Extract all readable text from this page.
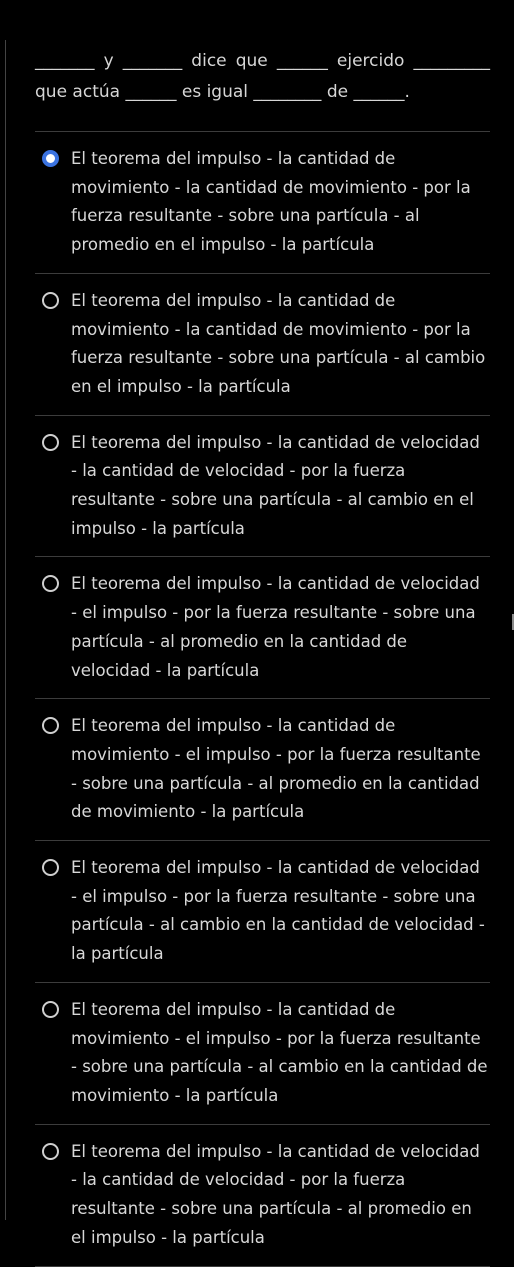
_______ y _______ dice que ______ ejercido _________ que actúa ______ es igual ________ de ______.

El teorema del impulso - la cantidad de movimiento - la cantidad de movimiento - por la fuerza resultante - sobre una partícula - al promedio en el impulso - la partícula
El teorema del impulso - la cantidad de movimiento - la cantidad de movimiento - por la fuerza resultante - sobre una partícula - al cambio en el impulso - la partícula
El teorema del impulso - la cantidad de velocidad - la cantidad de velocidad - por la fuerza resultante - sobre una partícula - al cambio en el impulso - la partícula
El teorema del impulso - la cantidad de velocidad - el impulso - por la fuerza resultante - sobre una partícula - al promedio en la cantidad de velocidad - la partícula
El teorema del impulso - la cantidad de movimiento - el impulso - por la fuerza resultante - sobre una partícula - al promedio en la cantidad de movimiento - la partícula
El teorema del impulso - la cantidad de velocidad - el impulso - por la fuerza resultante - sobre una partícula - al cambio en la cantidad de velocidad - la partícula
El teorema del impulso - la cantidad de movimiento - el impulso - por la fuerza resultante - sobre una partícula - al cambio en la cantidad de movimiento - la partícula
El teorema del impulso - la cantidad de velocidad - la cantidad de velocidad - por la fuerza resultante - sobre una partícula - al promedio en el impulso - la partícula
